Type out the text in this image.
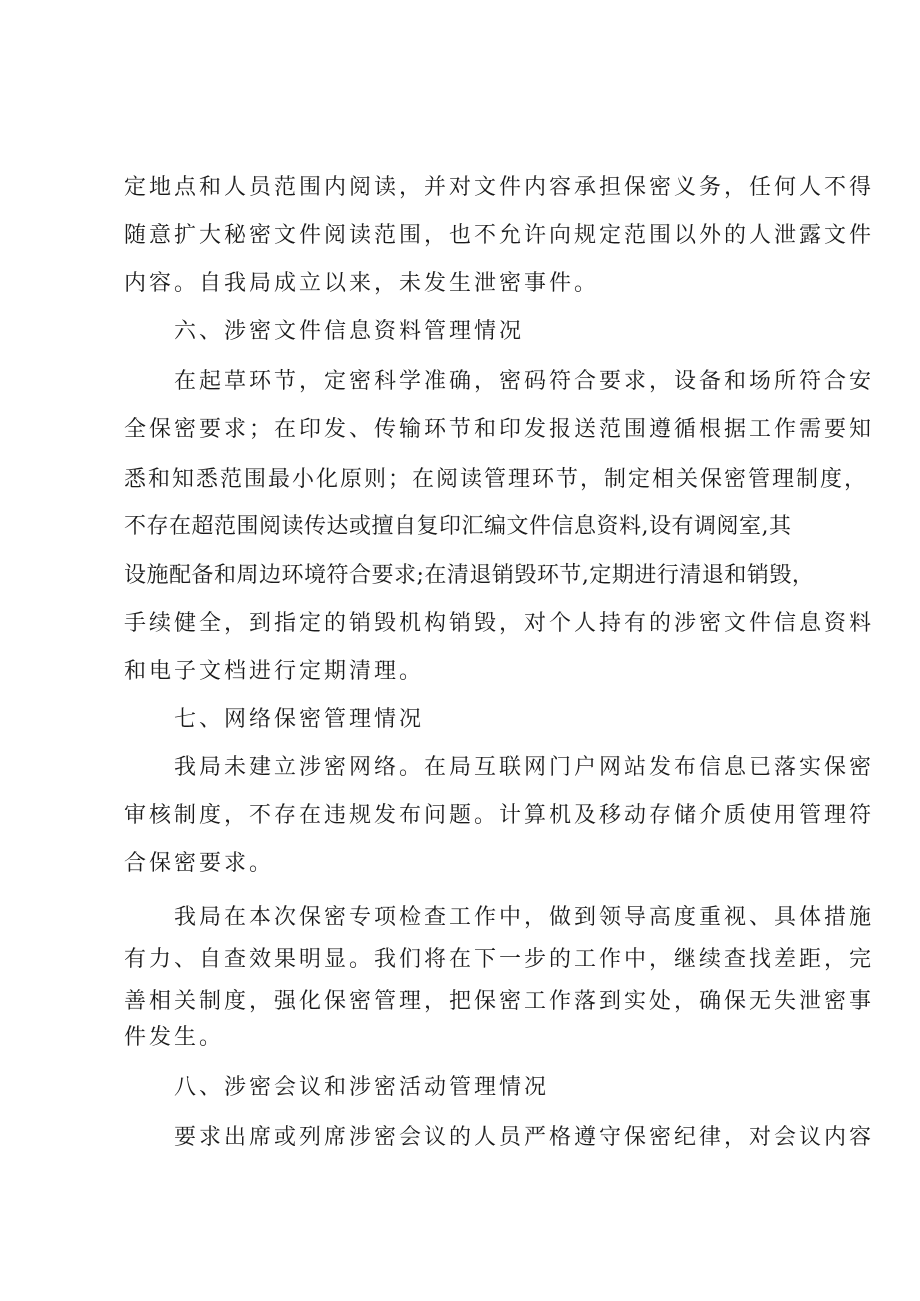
定地点和人员范围内阅读，并对文件内容承担保密义务，任何人不得
随意扩大秘密文件阅读范围，也不允许向规定范围以外的人泄露文件
内容。自我局成立以来，未发生泄密事件。
六、涉密文件信息资料管理情况
在起草环节，定密科学准确，密码符合要求，设备和场所符合安
全保密要求；在印发、传输环节和印发报送范围遵循根据工作需要知
悉和知悉范围最小化原则；在阅读管理环节，制定相关保密管理制度，
不存在超范围阅读传达或擅自复印汇编文件信息资料,设有调阅室,其
设施配备和周边环境符合要求;在清退销毁环节,定期进行清退和销毁，
手续健全，到指定的销毁机构销毁，对个人持有的涉密文件信息资料
和电子文档进行定期清理。
七、网络保密管理情况
我局未建立涉密网络。在局互联网门户网站发布信息已落实保密
审核制度，不存在违规发布问题。计算机及移动存储介质使用管理符
合保密要求。
我局在本次保密专项检查工作中，做到领导高度重视、具体措施
有力、自查效果明显。我们将在下一步的工作中，继续查找差距，完
善相关制度，强化保密管理，把保密工作落到实处，确保无失泄密事
件发生。
八、涉密会议和涉密活动管理情况
要求出席或列席涉密会议的人员严格遵守保密纪律，对会议内容
